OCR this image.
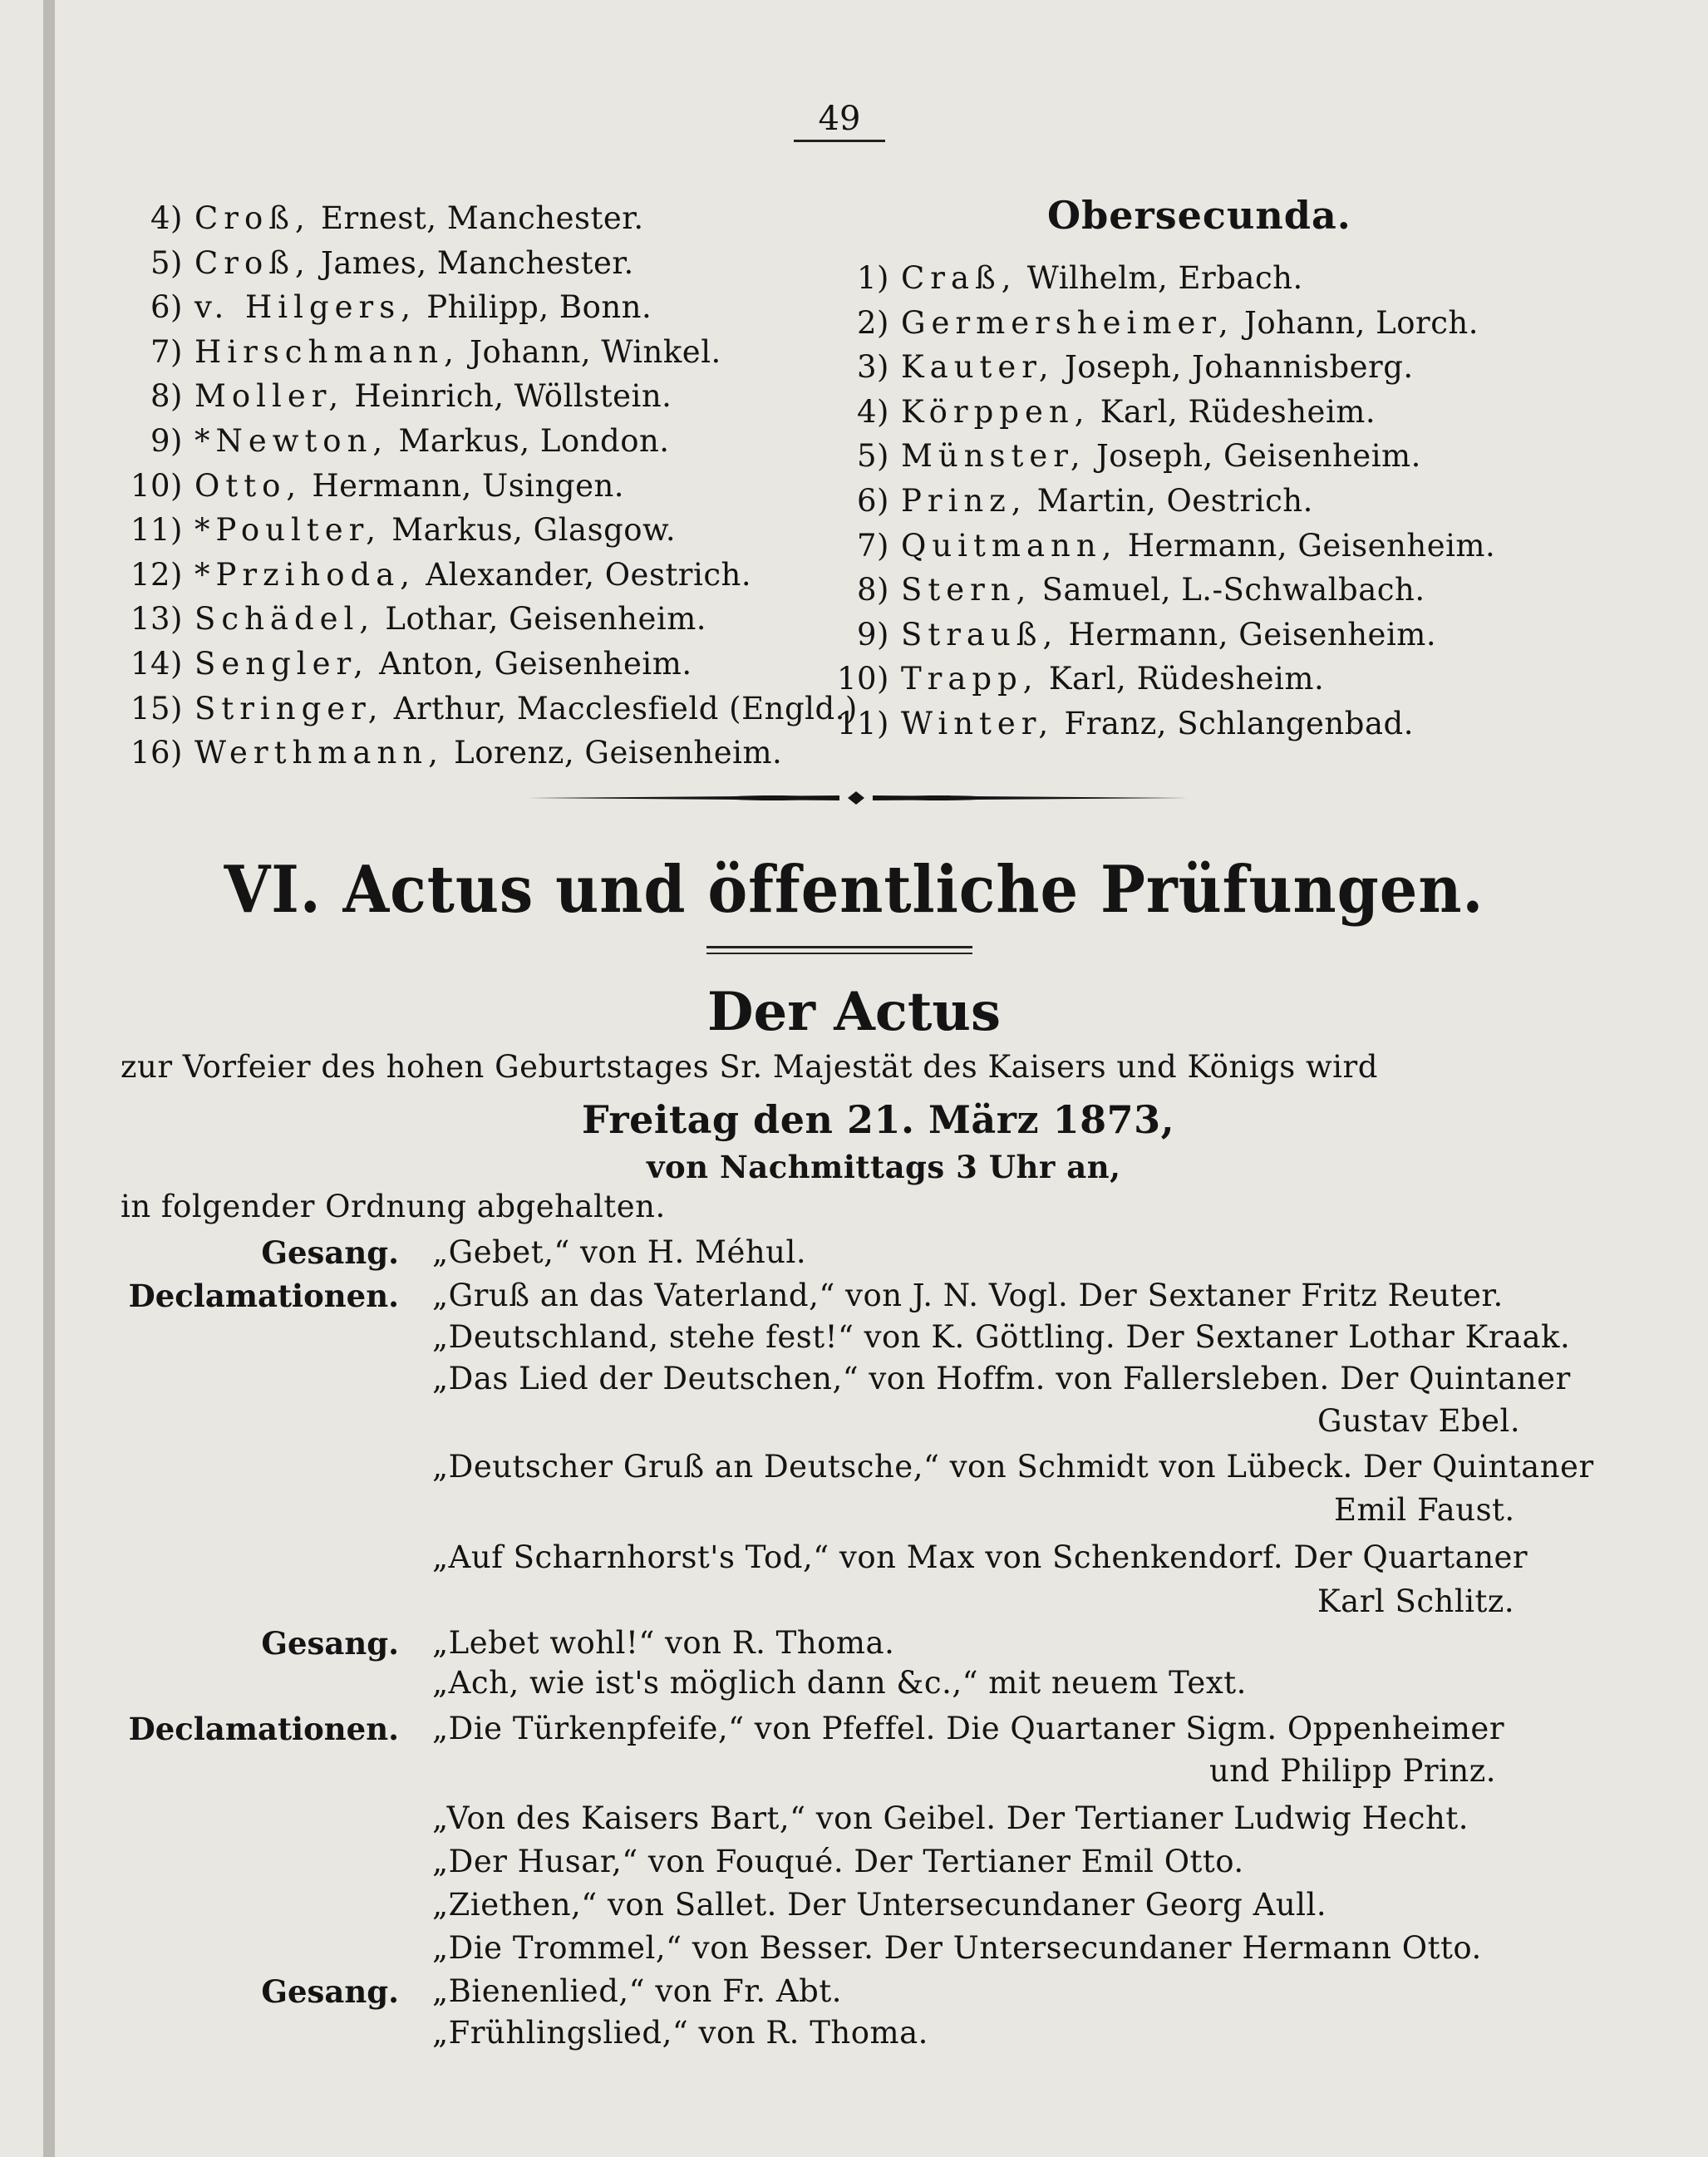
49
4) Croß, Ernest, Manchester.
5) Croß, James, Manchester.
6) v. Hilgers, Philipp, Bonn.
7) Hirschmann, Johann, Winkel.
8) Moller, Heinrich, Wöllstein.
9) *Newton, Markus, London.
10) Otto, Hermann, Usingen.
11) *Poulter, Markus, Glasgow.
12) *Przihoda, Alexander, Oestrich.
13) Schädel, Lothar, Geisenheim.
14) Sengler, Anton, Geisenheim.
15) Stringer, Arthur, Macclesfield (Engld.)
16) Werthmann, Lorenz, Geisenheim.
Obersecunda.
1) Craß, Wilhelm, Erbach.
2) Germersheimer, Johann, Lorch.
3) Kauter, Joseph, Johannisberg.
4) Körppen, Karl, Rüdesheim.
5) Münster, Joseph, Geisenheim.
6) Prinz, Martin, Oestrich.
7) Quitmann, Hermann, Geisenheim.
8) Stern, Samuel, L.-Schwalbach.
9) Strauß, Hermann, Geisenheim.
10) Trapp, Karl, Rüdesheim.
11) Winter, Franz, Schlangenbad.
VI. Actus und öffentliche Prüfungen.
Der Actus
zur Vorfeier des hohen Geburtstages Sr. Majestät des Kaisers und Königs wird
Freitag den 21. März 1873,
von Nachmittags 3 Uhr an,
in folgender Ordnung abgehalten.
Gesang. „Gebet,“ von H. Méhul.
Declamationen. „Gruß an das Vaterland,“ von J. N. Vogl. Der Sextaner Fritz Reuter.
„Deutschland, stehe fest!“ von K. Göttling. Der Sextaner Lothar Kraak.
„Das Lied der Deutschen,“ von Hoffm. von Fallersleben. Der Quintaner
Gustav Ebel.
„Deutscher Gruß an Deutsche,“ von Schmidt von Lübeck. Der Quintaner
Emil Faust.
„Auf Scharnhorst's Tod,“ von Max von Schenkendorf. Der Quartaner
Karl Schlitz.
Gesang. „Lebet wohl!“ von R. Thoma.
„Ach, wie ist's möglich dann &c.,“ mit neuem Text.
Declamationen. „Die Türkenpfeife,“ von Pfeffel. Die Quartaner Sigm. Oppenheimer
und Philipp Prinz.
„Von des Kaisers Bart,“ von Geibel. Der Tertianer Ludwig Hecht.
„Der Husar,“ von Fouqué. Der Tertianer Emil Otto.
„Ziethen,“ von Sallet. Der Untersecundaner Georg Aull.
„Die Trommel,“ von Besser. Der Untersecundaner Hermann Otto.
Gesang. „Bienenlied,“ von Fr. Abt.
„Frühlingslied,“ von R. Thoma.
